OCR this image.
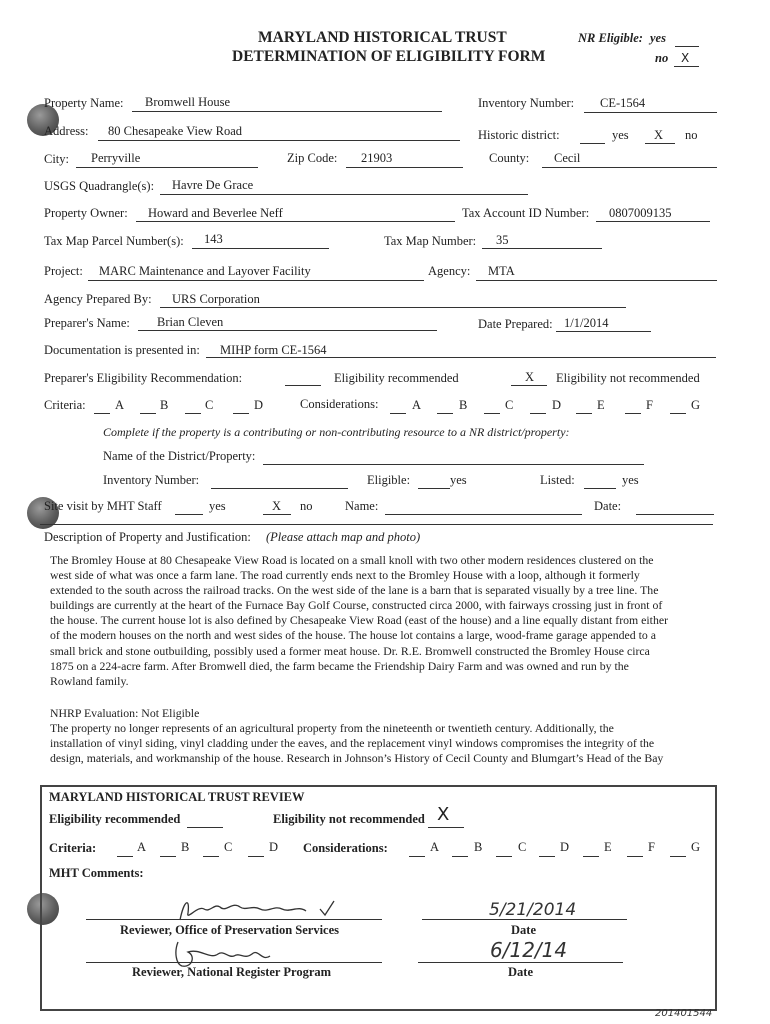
MARYLAND HISTORICAL TRUST
DETERMINATION OF ELIGIBILITY FORM
NR Eligible: yes
no X
Property Name: Bromwell House	Inventory Number: CE-1564
Address: 80 Chesapeake View Road	Historic district:	yes X no
City: Perryville	Zip Code: 21903	County: Cecil
USGS Quadrangle(s): Havre De Grace
Property Owner: Howard and Beverlee Neff	Tax Account ID Number: 0807009135
Tax Map Parcel Number(s): 143	Tax Map Number: 35
Project: MARC Maintenance and Layover Facility	Agency: MTA
Agency Prepared By: URS Corporation
Preparer's Name: Brian Cleven	Date Prepared: 1/1/2014
Documentation is presented in: MIHP form CE-1564
Preparer's Eligibility Recommendation:	Eligibility recommended	X Eligibility not recommended
Criteria: A	B	C	D	Considerations:	A	B	C	D	E	F	G
Complete if the property is a contributing or non-contributing resource to a NR district/property:
Name of the District/Property:
Inventory Number:	Eligible:	yes	Listed:	yes
Site visit by MHT Staff	yes	X no	Name:	Date:
Description of Property and Justification: (Please attach map and photo)
The Bromley House at 80 Chesapeake View Road is located on a small knoll with two other modern residences clustered on the
west side of what was once a farm lane. The road currently ends next to the Bromley House with a loop, although it formerly
extended to the south across the railroad tracks. On the west side of the lane is a barn that is separated visually by a tree line. The
buildings are currently at the heart of the Furnace Bay Golf Course, constructed circa 2000, with fairways crossing just in front of
the house. The current house lot is also defined by Chesapeake View Road (east of the house) and a line equally distant from either
of the modern houses on the north and west sides of the house. The house lot contains a large, wood-frame garage appended to a
small brick and stone outbuilding, possibly used a former meat house. Dr. R.E. Bromwell constructed the Bromley House circa
1875 on a 224-acre farm. After Bromwell died, the farm became the Friendship Dairy Farm and was owned and run by the
Rowland family.
NHRP Evaluation: Not Eligible
The property no longer represents of an agricultural property from the nineteenth or twentieth century. Additionally, the
installation of vinyl siding, vinyl cladding under the eaves, and the replacement vinyl windows compromises the integrity of the
design, materials, and workmanship of the house. Research in Johnson’s History of Cecil County and Blumgart’s Head of the Bay
MARYLAND HISTORICAL TRUST REVIEW
Eligibility recommended	Eligibility not recommended X
Criteria:	A	B	C	D Considerations:	A	B	C	D	E	F	G
MHT Comments:
Reviewer, Office of Preservation Services
5/21/2014
Date
Reviewer, National Register Program
6/12/14
Date
201401544
